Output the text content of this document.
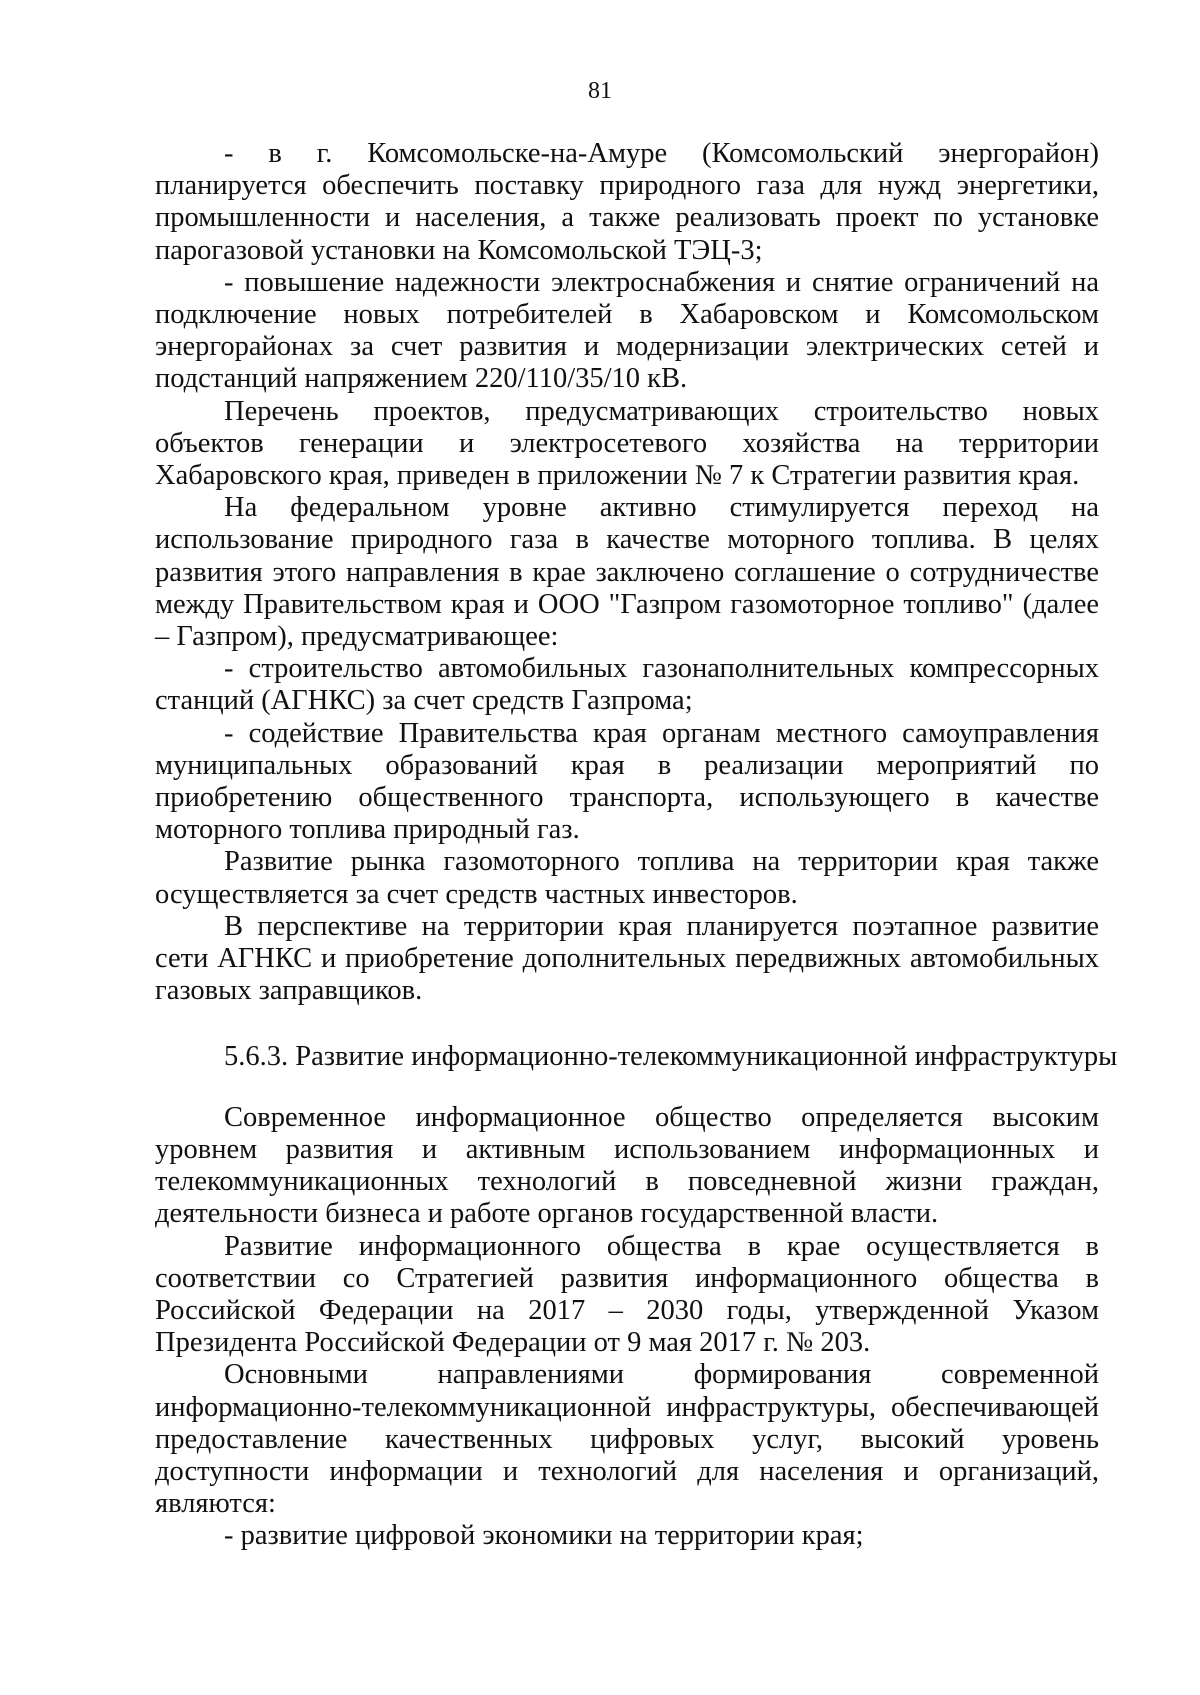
81

- в г. Комсомольске-на-Амуре (Комсомольский энергорайон) планируется обеспечить поставку природного газа для нужд энергетики, промышленности и населения, а также реализовать проект по установке парогазовой установки на Комсомольской ТЭЦ-3;

- повышение надежности электроснабжения и снятие ограничений на подключение новых потребителей в Хабаровском и Комсомольском энергорайонах за счет развития и модернизации электрических сетей и подстанций напряжением 220/110/35/10 кВ.

Перечень проектов, предусматривающих строительство новых объектов генерации и электросетевого хозяйства на территории Хабаровского края, приведен в приложении № 7 к Стратегии развития края.

На федеральном уровне активно стимулируется переход на использование природного газа в качестве моторного топлива. В целях развития этого направления в крае заключено соглашение о сотрудничестве между Правительством края и ООО "Газпром газомоторное топливо" (далее – Газпром), предусматривающее:

- строительство автомобильных газонаполнительных компрессорных станций (АГНКС) за счет средств Газпрома;

- содействие Правительства края органам местного самоуправления муниципальных образований края в реализации мероприятий по приобретению общественного транспорта, использующего в качестве моторного топлива природный газ.

Развитие рынка газомоторного топлива на территории края также осуществляется за счет средств частных инвесторов.

В перспективе на территории края планируется поэтапное развитие сети АГНКС и приобретение дополнительных передвижных автомобильных газовых заправщиков.

5.6.3. Развитие информационно-телекоммуникационной инфраструктуры

Современное информационное общество определяется высоким уровнем развития и активным использованием информационных и телекоммуникационных технологий в повседневной жизни граждан, деятельности бизнеса и работе органов государственной власти.

Развитие информационного общества в крае осуществляется в соответствии со Стратегией развития информационного общества в Российской Федерации на 2017 – 2030 годы, утвержденной Указом Президента Российской Федерации от 9 мая 2017 г. № 203.

Основными направлениями формирования современной информационно-телекоммуникационной инфраструктуры, обеспечивающей предоставление качественных цифровых услуг, высокий уровень доступности информации и технологий для населения и организаций, являются:

- развитие цифровой экономики на территории края;
